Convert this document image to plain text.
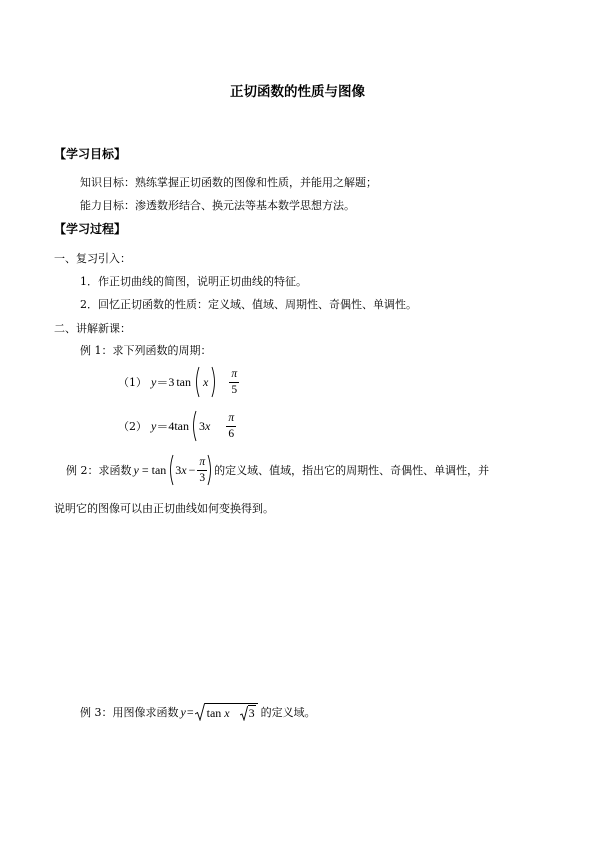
正切函数的性质与图像
【学习目标】
知识目标：熟练掌握正切函数的图像和性质，并能用之解题；
能力目标：渗透数形结合、换元法等基本数学思想方法。
【学习过程】
一、复习引入：
1．作正切曲线的简图，说明正切曲线的特征。
2．回忆正切函数的性质：定义域、值域、周期性、奇偶性、单调性。
二、讲解新课：
例 1：求下列函数的周期：
（1） y ＝ 3 tan x $\frac{\pi}{5}$
（2） y ＝ 4 tan 3 x $\frac{\pi}{6}$
例 2：求函数 y = tan 3 $x - \frac{\pi}{3}$ 的定义域、值域，指出它的周期性、奇偶性、单调性，并
说明它的图像可以由正切曲线如何变换得到。
例 3：用图像求函数 y = tan x 3 的定义域。
